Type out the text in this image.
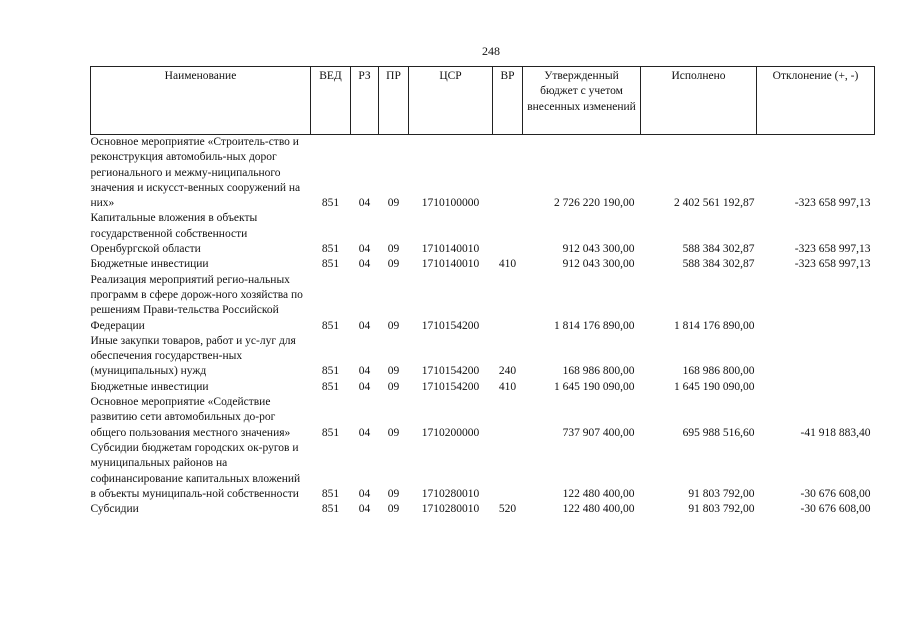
248
Наименование	ВЕД	РЗ	ПР	ЦСР	ВР	Утвержденный бюджет с учетом внесенных изменений	Исполнено	Отклонение (+, -)
Основное мероприятие «Строитель-ство и реконструкция автомобиль-ных дорог регионального и межму-ниципального значения и искусст-венных сооружений на них»	851	04	09	1710100000		2 726 220 190,00	2 402 561 192,87	-323 658 997,13
Капитальные вложения в объекты государственной собственности								
Оренбургской области	851	04	09	1710140010		912 043 300,00	588 384 302,87	-323 658 997,13
Бюджетные инвестиции	851	04	09	1710140010	410	912 043 300,00	588 384 302,87	-323 658 997,13
Реализация мероприятий регио-нальных программ в сфере дорож-ного хозяйства по решениям Прави-тельства Российской Федерации	851	04	09	1710154200		1 814 176 890,00	1 814 176 890,00	
Иные закупки товаров, работ и ус-луг для обеспечения государствен-ных (муниципальных) нужд	851	04	09	1710154200	240	168 986 800,00	168 986 800,00	
Бюджетные инвестиции	851	04	09	1710154200	410	1 645 190 090,00	1 645 190 090,00	
Основное мероприятие «Содействие развитию сети автомобильных до-рог общего пользования местного значения»	851	04	09	1710200000		737 907 400,00	695 988 516,60	-41 918 883,40
Субсидии бюджетам городских ок-ругов и муниципальных районов на софинансирование капитальных вложений в объекты муниципаль-ной собственности	851	04	09	1710280010		122 480 400,00	91 803 792,00	-30 676 608,00
Субсидии	851	04	09	1710280010	520	122 480 400,00	91 803 792,00	-30 676 608,00
